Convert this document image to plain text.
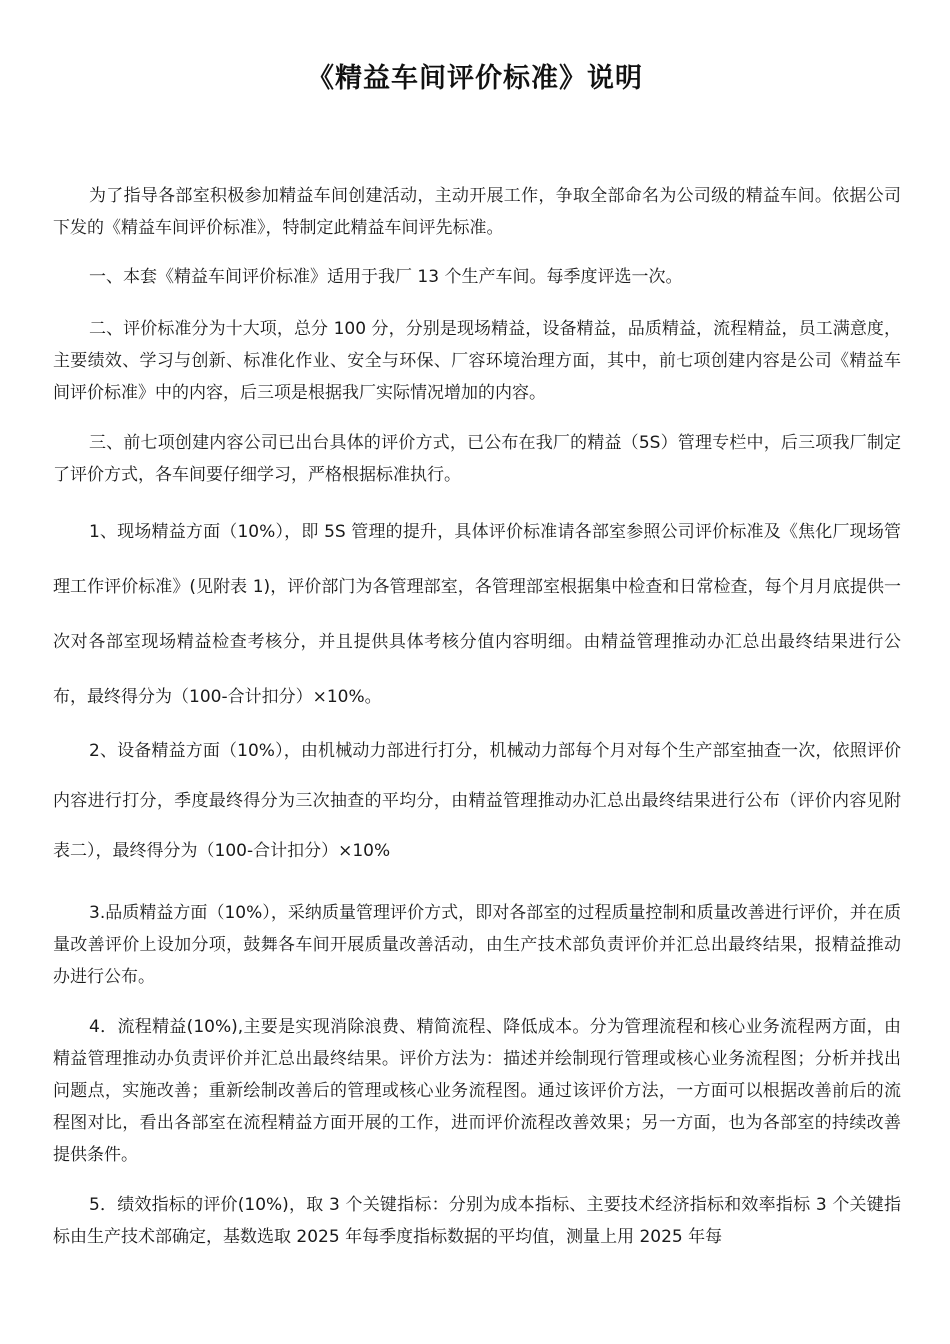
《精益车间评价标准》说明

为了指导各部室积极参加精益车间创建活动，主动开展工作，争取全部命名为公司级的精益车间。依据公司下发的《精益车间评价标准》，特制定此精益车间评先标准。

一、本套《精益车间评价标准》适用于我厂 13 个生产车间。每季度评选一次。

二、评价标准分为十大项，总分 100 分，分别是现场精益，设备精益，品质精益，流程精益，员工满意度，主要绩效、学习与创新、标准化作业、安全与环保、厂容环境治理方面，其中，前七项创建内容是公司《精益车间评价标准》中的内容，后三项是根据我厂实际情况增加的内容。

三、前七项创建内容公司已出台具体的评价方式，已公布在我厂的精益（5S）管理专栏中，后三项我厂制定了评价方式，各车间要仔细学习，严格根据标准执行。

1、现场精益方面（10%），即 5S 管理的提升，具体评价标准请各部室参照公司评价标准及《焦化厂现场管理工作评价标准》(见附表 1)，评价部门为各管理部室，各管理部室根据集中检查和日常检查，每个月月底提供一次对各部室现场精益检查考核分，并且提供具体考核分值内容明细。由精益管理推动办汇总出最终结果进行公布，最终得分为（100-合计扣分）×10%。

2、设备精益方面（10%），由机械动力部进行打分，机械动力部每个月对每个生产部室抽查一次，依照评价内容进行打分，季度最终得分为三次抽查的平均分，由精益管理推动办汇总出最终结果进行公布（评价内容见附表二），最终得分为（100-合计扣分）×10%

3.品质精益方面（10%），采纳质量管理评价方式，即对各部室的过程质量控制和质量改善进行评价，并在质量改善评价上设加分项，鼓舞各车间开展质量改善活动，由生产技术部负责评价并汇总出最终结果，报精益推动办进行公布。

4．流程精益(10%),主要是实现消除浪费、精简流程、降低成本。分为管理流程和核心业务流程两方面，由精益管理推动办负责评价并汇总出最终结果。评价方法为：描述并绘制现行管理或核心业务流程图；分析并找出问题点，实施改善；重新绘制改善后的管理或核心业务流程图。通过该评价方法，一方面可以根据改善前后的流程图对比，看出各部室在流程精益方面开展的工作，进而评价流程改善效果；另一方面，也为各部室的持续改善提供条件。

5．绩效指标的评价(10%)，取 3 个关键指标：分别为成本指标、主要技术经济指标和效率指标 3 个关键指标由生产技术部确定，基数选取 2025 年每季度指标数据的平均值，测量上用 2025 年每
